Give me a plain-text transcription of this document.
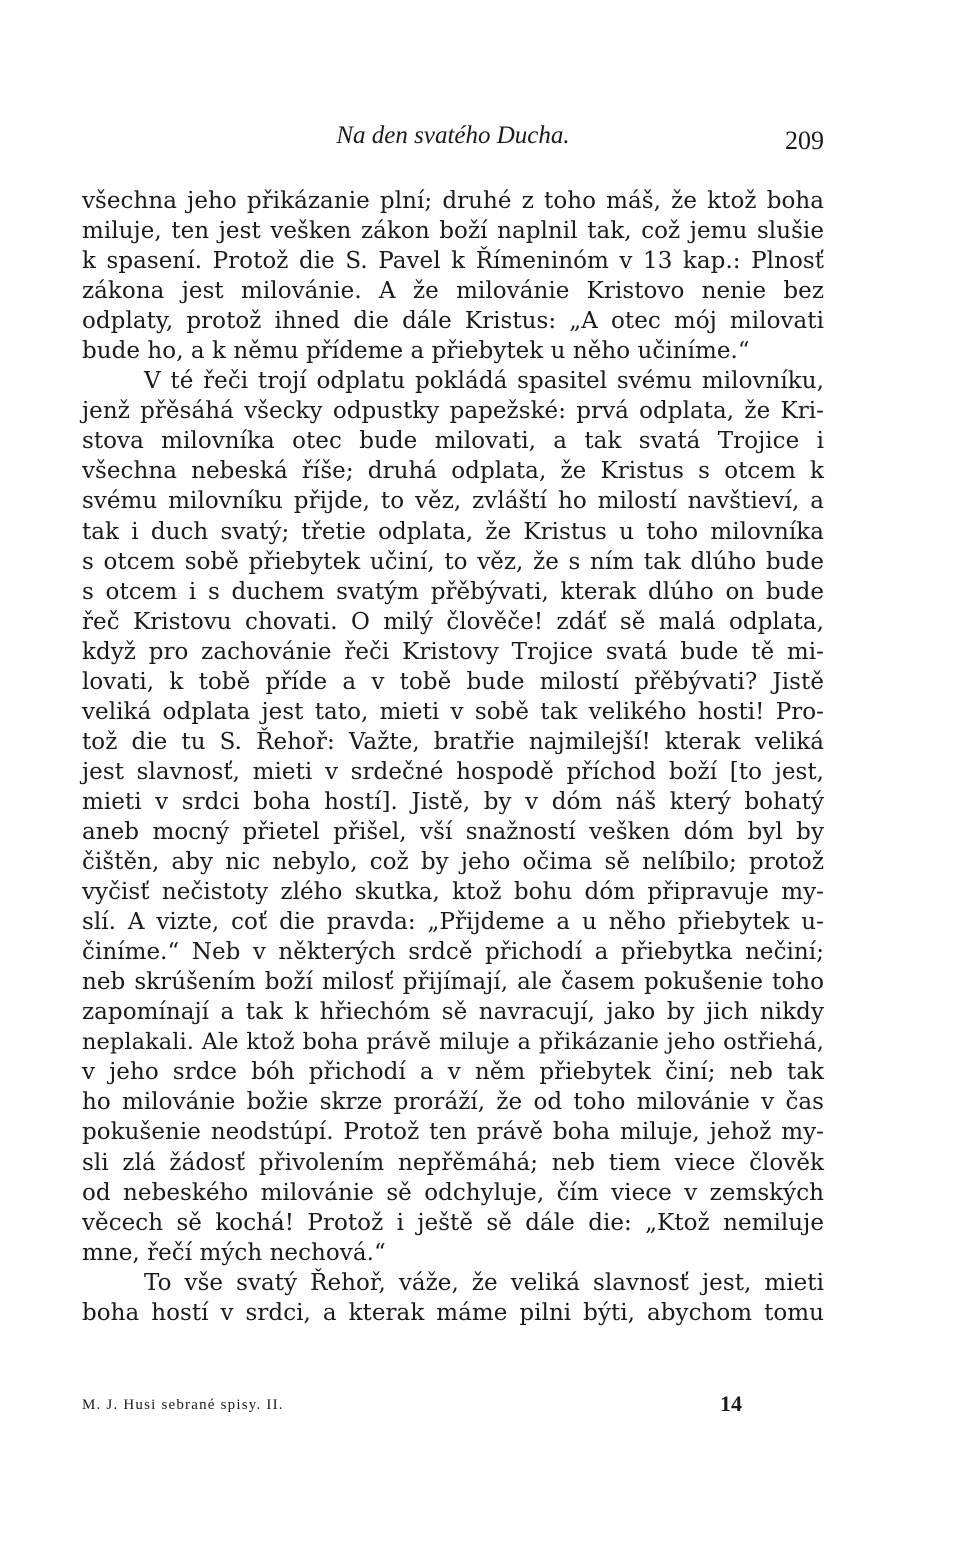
Na den svatého Ducha.	209
všechna jeho přikázanie plní; druhé z toho máš, že ktož boha
miluje, ten jest vešken zákon boží naplnil tak, což jemu slušie
k spasení. Protož die S. Pavel k Římeninóm v 13 kap.: Plnosť
zákona jest milovánie. A že milovánie Kristovo nenie bez
odplaty, protož ihned die dále Kristus: „A otec mój milovati
bude ho, a k němu přídeme a přiebytek u něho učiníme.“
V té řeči trojí odplatu pokládá spasitel svému milovníku,
jenž přěsáhá všecky odpustky papežské: prvá odplata, že Kri-
stova milovníka otec bude milovati, a tak svatá Trojice i
všechna nebeská říše; druhá odplata, že Kristus s otcem k
svému milovníku přijde, to věz, zvláští ho milostí navštieví, a
tak i duch svatý; třetie odplata, že Kristus u toho milovníka
s otcem sobě přiebytek učiní, to věz, že s ním tak dlúho bude
s otcem i s duchem svatým přěbývati, kterak dlúho on bude
řeč Kristovu chovati. O milý člověče! zdáť sě malá odplata,
když pro zachovánie řeči Kristovy Trojice svatá bude tě mi-
lovati, k tobě příde a v tobě bude milostí přěbývati? Jistě
veliká odplata jest tato, mieti v sobě tak velikého hosti! Pro-
tož die tu S. Řehoř: Važte, bratřie najmilejší! kterak veliká
jest slavnosť, mieti v srdečné hospodě příchod boží [to jest,
mieti v srdci boha hostí]. Jistě, by v dóm náš který bohatý
aneb mocný přietel přišel, vší snažností vešken dóm byl by
čištěn, aby nic nebylo, což by jeho očima sě nelíbilo; protož
vyčisť nečistoty zlého skutka, ktož bohu dóm připravuje my-
slí. A vizte, coť die pravda: „Přijdeme a u něho přiebytek u-
činíme.“ Neb v některých srdcě přichodí a přiebytka nečiní;
neb skrúšením boží milosť přijímají, ale časem pokušenie toho
zapomínají a tak k hřiechóm sě navracují, jako by jich nikdy
neplakali. Ale ktož boha právě miluje a přikázanie jeho ostřiehá,
v jeho srdce bóh přichodí a v něm přiebytek činí; neb tak
ho milovánie božie skrze proráží, že od toho milovánie v čas
pokušenie neodstúpí. Protož ten právě boha miluje, jehož my-
sli zlá žádosť přivolením nepřěmáhá; neb tiem viece člověk
od nebeského milovánie sě odchyluje, čím viece v zemských
věcech sě kochá! Protož i ještě sě dále die: „Ktož nemiluje
mne, řečí mých nechová.“
To vše svatý Řehoř, váže, že veliká slavnosť jest, mieti
boha hostí v srdci, a kterak máme pilni býti, abychom tomu
M. J. Husi sebrané spisy. II.	14
